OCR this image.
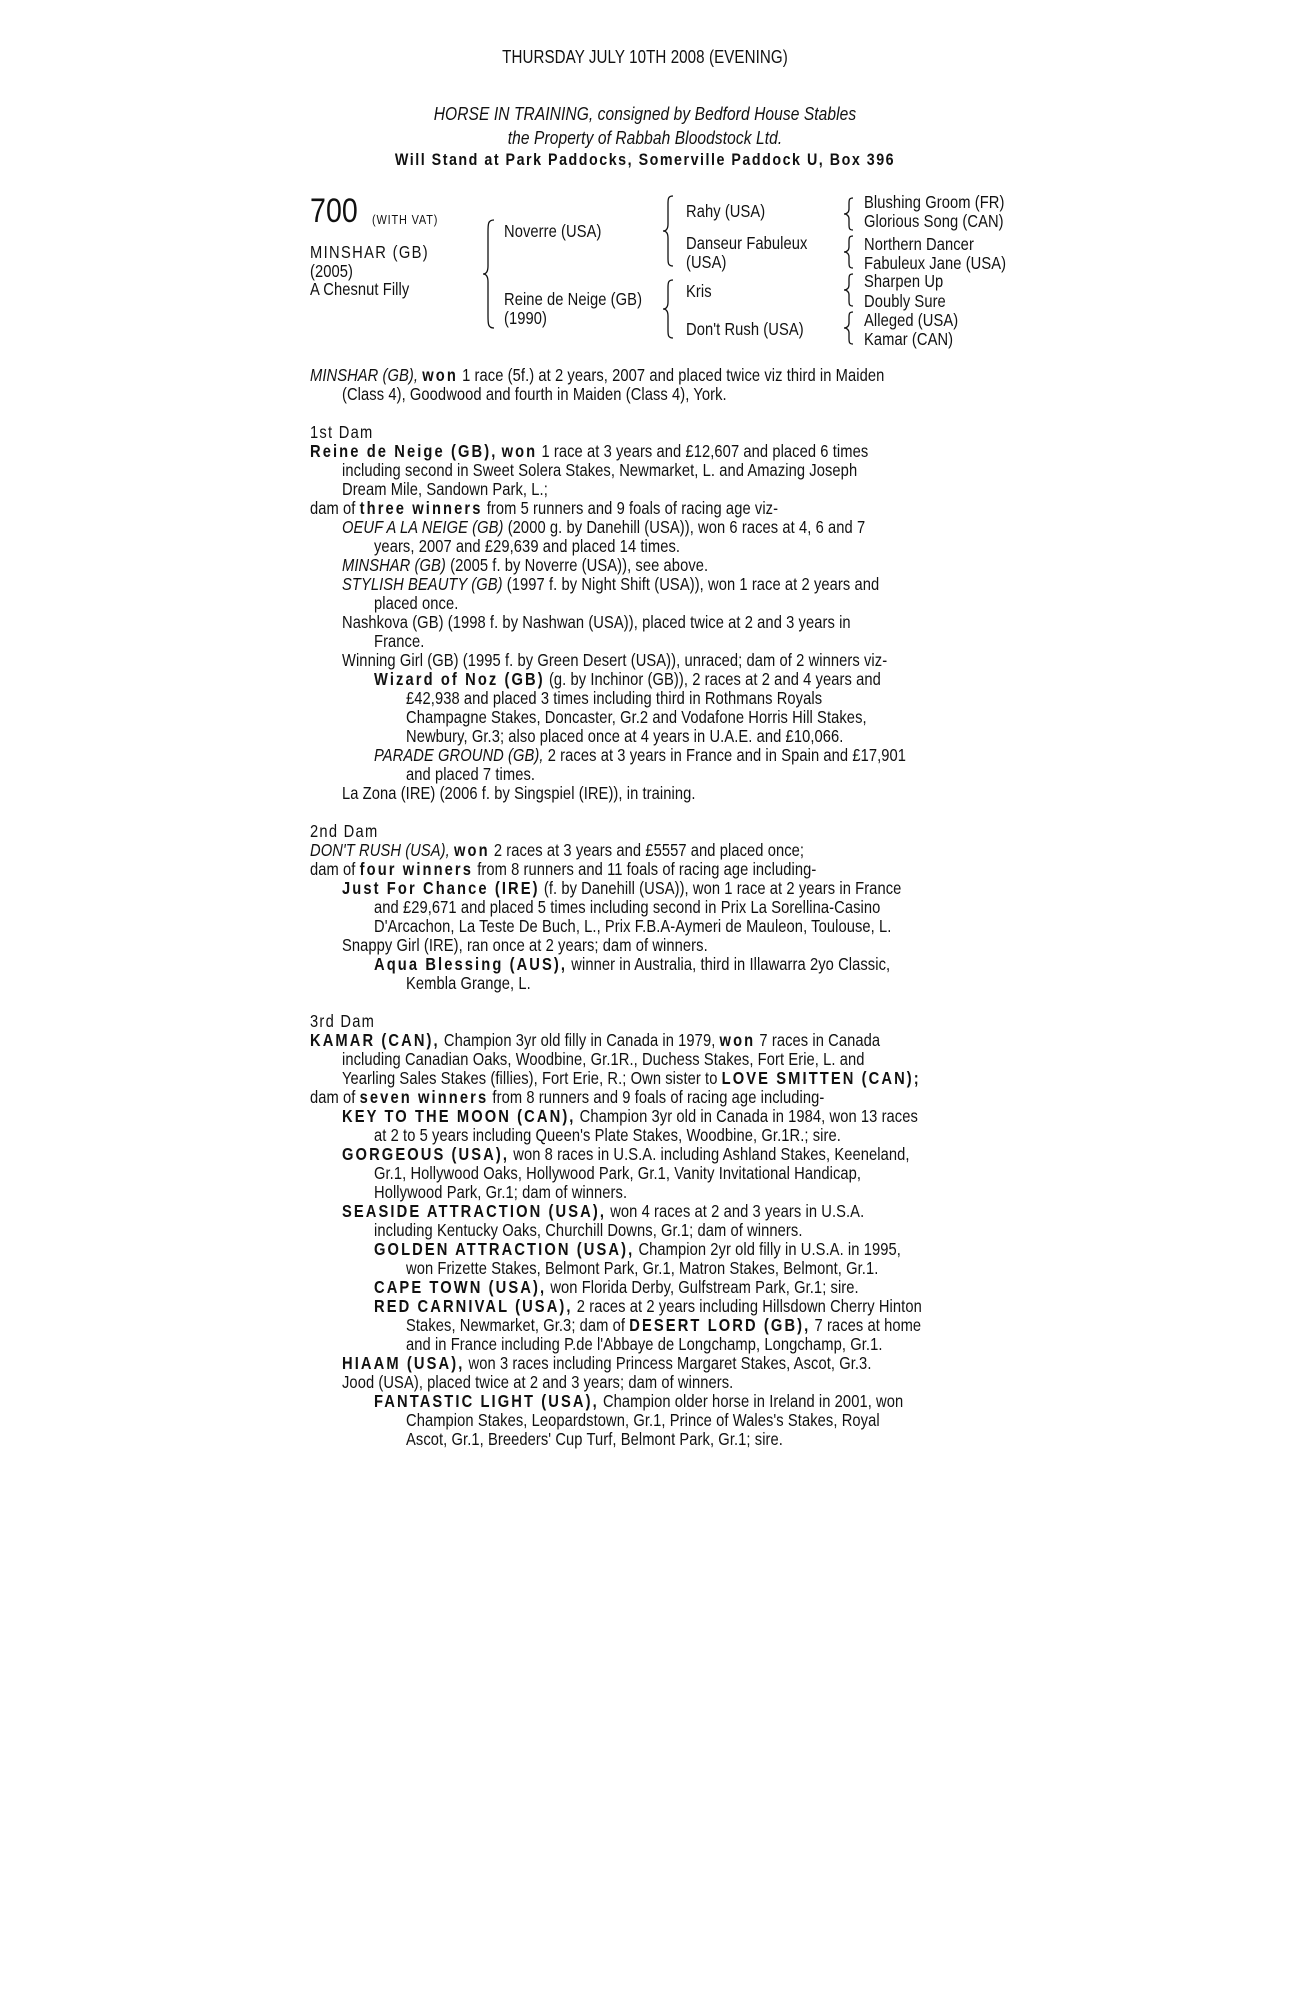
THURSDAY JULY 10TH 2008 (EVENING)
HORSE IN TRAINING, consigned by Bedford House Stables
the Property of Rabbah Bloodstock Ltd.
Will Stand at Park Paddocks, Somerville Paddock U, Box 396
700 (WITH VAT)
MINSHAR (GB)
(2005)
A Chesnut Filly
Noverre (USA)
Reine de Neige (GB)
(1990)
Rahy (USA)
Danseur Fabuleux
(USA)
Kris
Don't Rush (USA)
Blushing Groom (FR)
Glorious Song (CAN)
Northern Dancer
Fabuleux Jane (USA)
Sharpen Up
Doubly Sure
Alleged (USA)
Kamar (CAN)
MINSHAR (GB), won 1 race (5f.) at 2 years, 2007 and placed twice viz third in Maiden
(Class 4), Goodwood and fourth in Maiden (Class 4), York.
1st Dam
Reine de Neige (GB), won 1 race at 3 years and £12,607 and placed 6 times
including second in Sweet Solera Stakes, Newmarket, L. and Amazing Joseph
Dream Mile, Sandown Park, L.;
dam of three winners from 5 runners and 9 foals of racing age viz-
OEUF A LA NEIGE (GB) (2000 g. by Danehill (USA)), won 6 races at 4, 6 and 7
years, 2007 and £29,639 and placed 14 times.
MINSHAR (GB) (2005 f. by Noverre (USA)), see above.
STYLISH BEAUTY (GB) (1997 f. by Night Shift (USA)), won 1 race at 2 years and
placed once.
Nashkova (GB) (1998 f. by Nashwan (USA)), placed twice at 2 and 3 years in
France.
Winning Girl (GB) (1995 f. by Green Desert (USA)), unraced; dam of 2 winners viz-
Wizard of Noz (GB) (g. by Inchinor (GB)), 2 races at 2 and 4 years and
£42,938 and placed 3 times including third in Rothmans Royals
Champagne Stakes, Doncaster, Gr.2 and Vodafone Horris Hill Stakes,
Newbury, Gr.3; also placed once at 4 years in U.A.E. and £10,066.
PARADE GROUND (GB), 2 races at 3 years in France and in Spain and £17,901
and placed 7 times.
La Zona (IRE) (2006 f. by Singspiel (IRE)), in training.
2nd Dam
DON'T RUSH (USA), won 2 races at 3 years and £5557 and placed once;
dam of four winners from 8 runners and 11 foals of racing age including-
Just For Chance (IRE) (f. by Danehill (USA)), won 1 race at 2 years in France
and £29,671 and placed 5 times including second in Prix La Sorellina-Casino
D'Arcachon, La Teste De Buch, L., Prix F.B.A-Aymeri de Mauleon, Toulouse, L.
Snappy Girl (IRE), ran once at 2 years; dam of winners.
Aqua Blessing (AUS), winner in Australia, third in Illawarra 2yo Classic,
Kembla Grange, L.
3rd Dam
KAMAR (CAN), Champion 3yr old filly in Canada in 1979, won 7 races in Canada
including Canadian Oaks, Woodbine, Gr.1R., Duchess Stakes, Fort Erie, L. and
Yearling Sales Stakes (fillies), Fort Erie, R.; Own sister to LOVE SMITTEN (CAN);
dam of seven winners from 8 runners and 9 foals of racing age including-
KEY TO THE MOON (CAN), Champion 3yr old in Canada in 1984, won 13 races
at 2 to 5 years including Queen's Plate Stakes, Woodbine, Gr.1R.; sire.
GORGEOUS (USA), won 8 races in U.S.A. including Ashland Stakes, Keeneland,
Gr.1, Hollywood Oaks, Hollywood Park, Gr.1, Vanity Invitational Handicap,
Hollywood Park, Gr.1; dam of winners.
SEASIDE ATTRACTION (USA), won 4 races at 2 and 3 years in U.S.A.
including Kentucky Oaks, Churchill Downs, Gr.1; dam of winners.
GOLDEN ATTRACTION (USA), Champion 2yr old filly in U.S.A. in 1995,
won Frizette Stakes, Belmont Park, Gr.1, Matron Stakes, Belmont, Gr.1.
CAPE TOWN (USA), won Florida Derby, Gulfstream Park, Gr.1; sire.
RED CARNIVAL (USA), 2 races at 2 years including Hillsdown Cherry Hinton
Stakes, Newmarket, Gr.3; dam of DESERT LORD (GB), 7 races at home
and in France including P.de l'Abbaye de Longchamp, Longchamp, Gr.1.
HIAAM (USA), won 3 races including Princess Margaret Stakes, Ascot, Gr.3.
Jood (USA), placed twice at 2 and 3 years; dam of winners.
FANTASTIC LIGHT (USA), Champion older horse in Ireland in 2001, won
Champion Stakes, Leopardstown, Gr.1, Prince of Wales's Stakes, Royal
Ascot, Gr.1, Breeders' Cup Turf, Belmont Park, Gr.1; sire.
